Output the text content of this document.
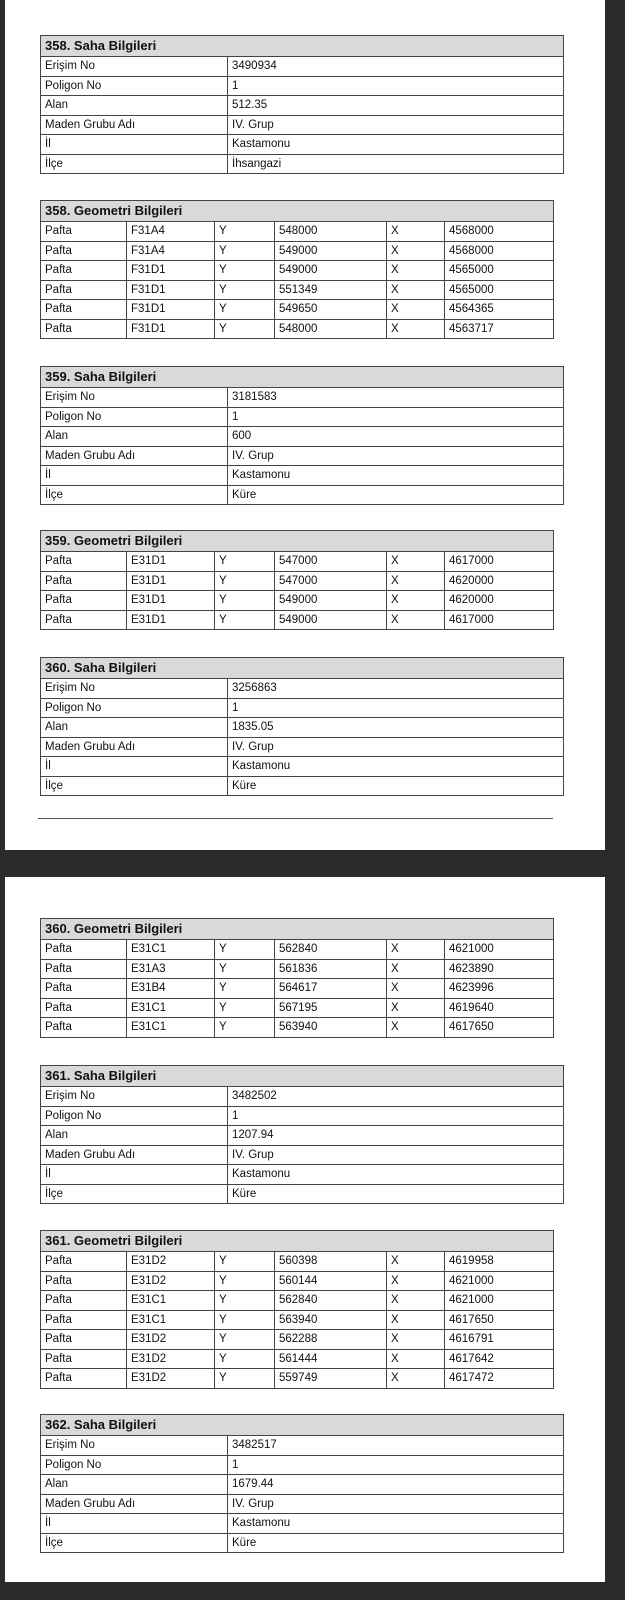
358. Saha Bilgileri	
Erişim No	3490934
Poligon No	1
Alan	512.35
Maden Grubu Adı	IV. Grup
İl	Kastamonu
İlçe	İhsangazi
358. Geometri Bilgileri					
Pafta	F31A4	Y	548000	X	4568000
Pafta	F31A4	Y	549000	X	4568000
Pafta	F31D1	Y	549000	X	4565000
Pafta	F31D1	Y	551349	X	4565000
Pafta	F31D1	Y	549650	X	4564365
Pafta	F31D1	Y	548000	X	4563717
359. Saha Bilgileri	
Erişim No	3181583
Poligon No	1
Alan	600
Maden Grubu Adı	IV. Grup
İl	Kastamonu
İlçe	Küre
359. Geometri Bilgileri					
Pafta	E31D1	Y	547000	X	4617000
Pafta	E31D1	Y	547000	X	4620000
Pafta	E31D1	Y	549000	X	4620000
Pafta	E31D1	Y	549000	X	4617000
360. Saha Bilgileri	
Erişim No	3256863
Poligon No	1
Alan	1835.05
Maden Grubu Adı	IV. Grup
İl	Kastamonu
İlçe	Küre
360. Geometri Bilgileri					
Pafta	E31C1	Y	562840	X	4621000
Pafta	E31A3	Y	561836	X	4623890
Pafta	E31B4	Y	564617	X	4623996
Pafta	E31C1	Y	567195	X	4619640
Pafta	E31C1	Y	563940	X	4617650
361. Saha Bilgileri	
Erişim No	3482502
Poligon No	1
Alan	1207.94
Maden Grubu Adı	IV. Grup
İl	Kastamonu
İlçe	Küre
361. Geometri Bilgileri					
Pafta	E31D2	Y	560398	X	4619958
Pafta	E31D2	Y	560144	X	4621000
Pafta	E31C1	Y	562840	X	4621000
Pafta	E31C1	Y	563940	X	4617650
Pafta	E31D2	Y	562288	X	4616791
Pafta	E31D2	Y	561444	X	4617642
Pafta	E31D2	Y	559749	X	4617472
362. Saha Bilgileri	
Erişim No	3482517
Poligon No	1
Alan	1679.44
Maden Grubu Adı	IV. Grup
İl	Kastamonu
İlçe	Küre
